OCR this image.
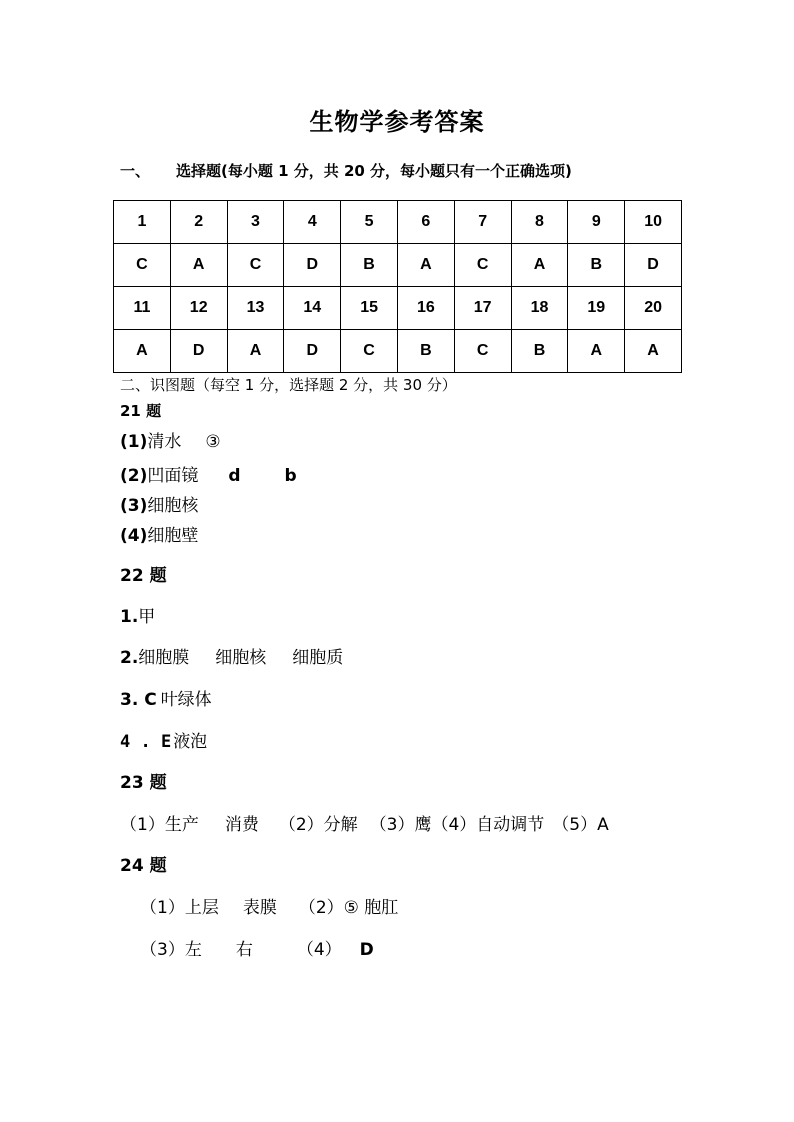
生物学参考答案
一、 选择题(每小题 1 分，共 20 分，每小题只有一个正确选项)
1	2	3	4	5	6	7	8	9	10
C	A	C	D	B	A	C	A	B	D
11	12	13	14	15	16	17	18	19	20
A	D	A	D	C	B	C	B	A	A
二、识图题（每空 1 分，选择题 2 分，共 30 分）
21 题
(1)清水 ③
(2)凹面镜 d	b
(3)细胞核
(4)细胞壁
22 题
1.甲
2.细胞膜 细胞核 细胞质
3. C 叶绿体
4 . E 液泡
23 题
（1）生产 消费 （2）分解 （3）鹰（4）自动调节 （5）A
24 题
（1）上层 表膜 （2）⑤ 胞肛
（3）左 右	（4） D
